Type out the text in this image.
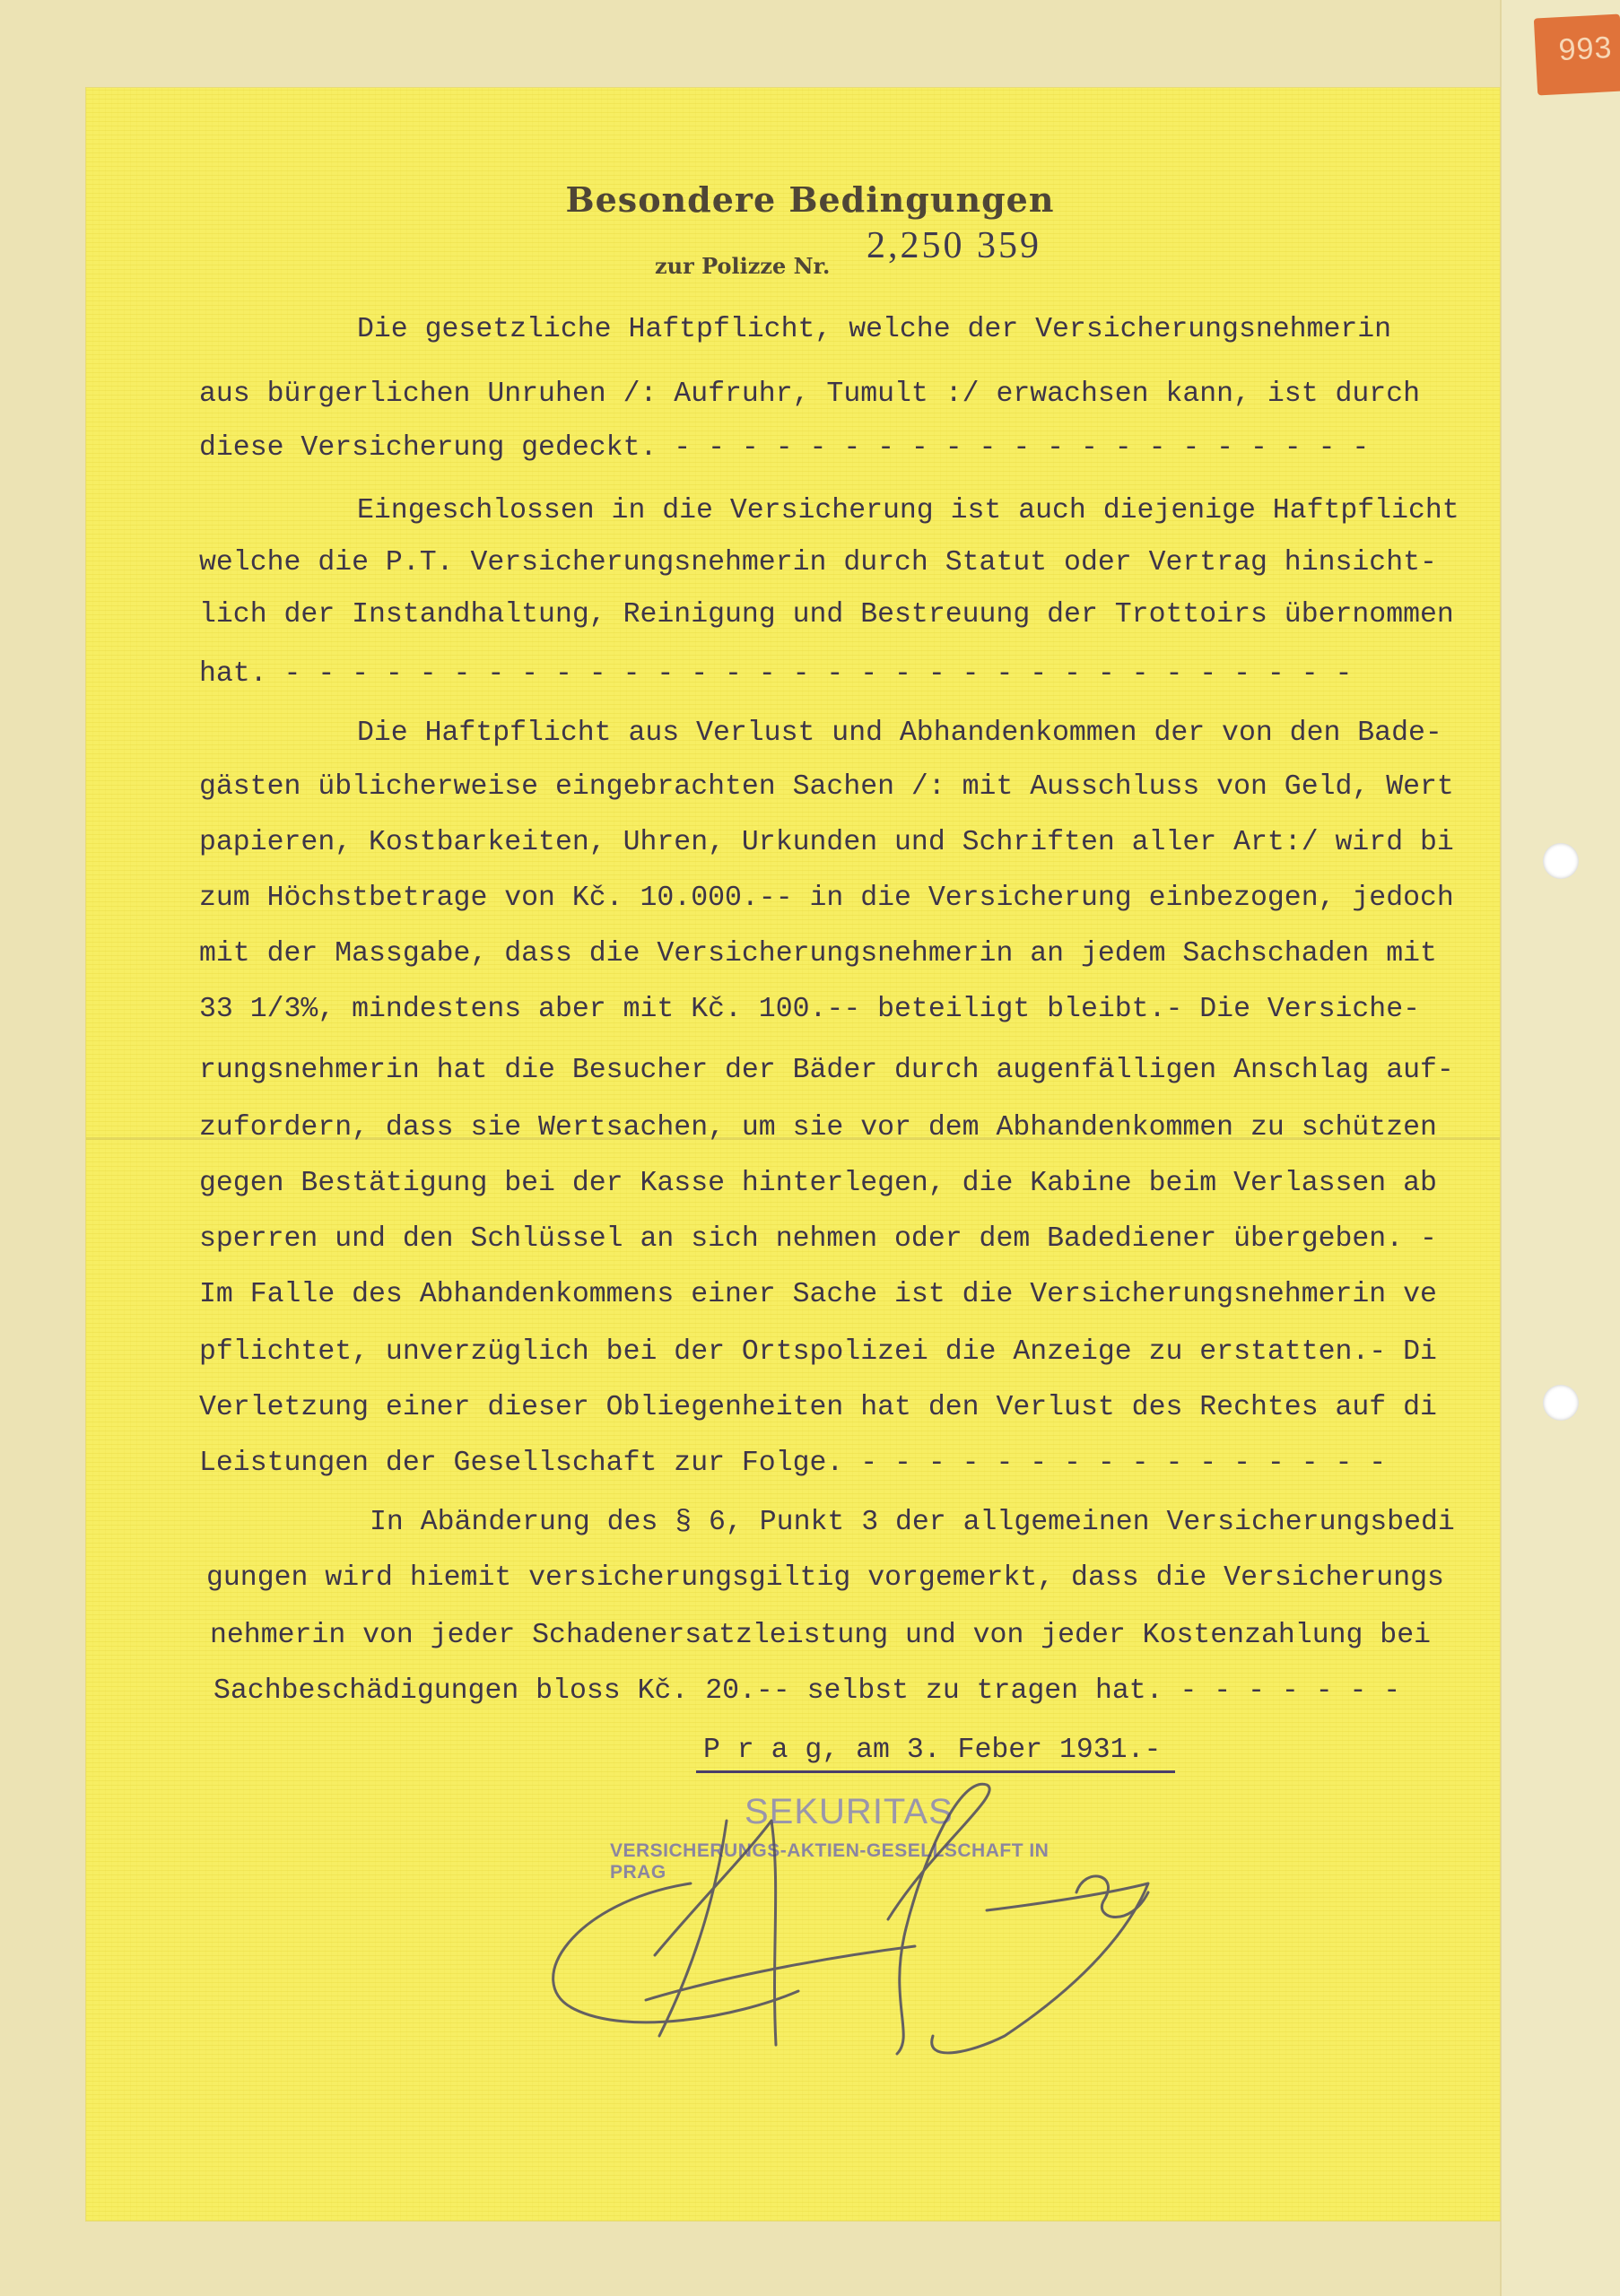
993
Besondere Bedingungen
zur Polizze Nr. 2,250 359

Die gesetzliche Haftpflicht, welche der Versicherungsnehmerin

aus bürgerlichen Unruhen /: Aufruhr, Tumult :/ erwachsen kann, ist durch

diese Versicherung gedeckt. - - - - - - - - - - - - - - - - - - - - -

Eingeschlossen in die Versicherung ist auch diejenige Haftpflicht

welche die P.T. Versicherungsnehmerin durch Statut oder Vertrag hinsicht-

lich der Instandhaltung, Reinigung und Bestreuung der Trottoirs übernommen

hat. - - - - - - - - - - - - - - - - - - - - - - - - - - - - - - - -

Die Haftpflicht aus Verlust und Abhandenkommen der von den Bade-

gästen üblicherweise eingebrachten Sachen /: mit Ausschluss von Geld, Wert

papieren, Kostbarkeiten, Uhren, Urkunden und Schriften aller Art:/ wird bi

zum Höchstbetrage von Kč. 10.000.-- in die Versicherung einbezogen, jedoch

mit der Massgabe, dass die Versicherungsnehmerin an jedem Sachschaden mit

33 1/3%, mindestens aber mit Kč. 100.-- beteiligt bleibt.- Die Versiche-

rungsnehmerin hat die Besucher der Bäder durch augenfälligen Anschlag auf-

zufordern, dass sie Wertsachen, um sie vor dem Abhandenkommen zu schützen

gegen Bestätigung bei der Kasse hinterlegen, die Kabine beim Verlassen ab

sperren und den Schlüssel an sich nehmen oder dem Badediener übergeben. -

Im Falle des Abhandenkommens einer Sache ist die Versicherungsnehmerin ve

pflichtet, unverzüglich bei der Ortspolizei die Anzeige zu erstatten.- Di

Verletzung einer dieser Obliegenheiten hat den Verlust des Rechtes auf di

Leistungen der Gesellschaft zur Folge. - - - - - - - - - - - - - - - -

In Abänderung des § 6, Punkt 3 der allgemeinen Versicherungsbedi

gungen wird hiemit versicherungsgiltig vorgemerkt, dass die Versicherungs

nehmerin von jeder Schadenersatzleistung und von jeder Kostenzahlung bei

Sachbeschädigungen bloss Kč. 20.-- selbst zu tragen hat. - - - - - - -

P r a g, am 3. Feber 1931.-
SEKURITAS
VERSICHERUNGS-AKTIEN-GESELLSCHAFT IN PRAG
